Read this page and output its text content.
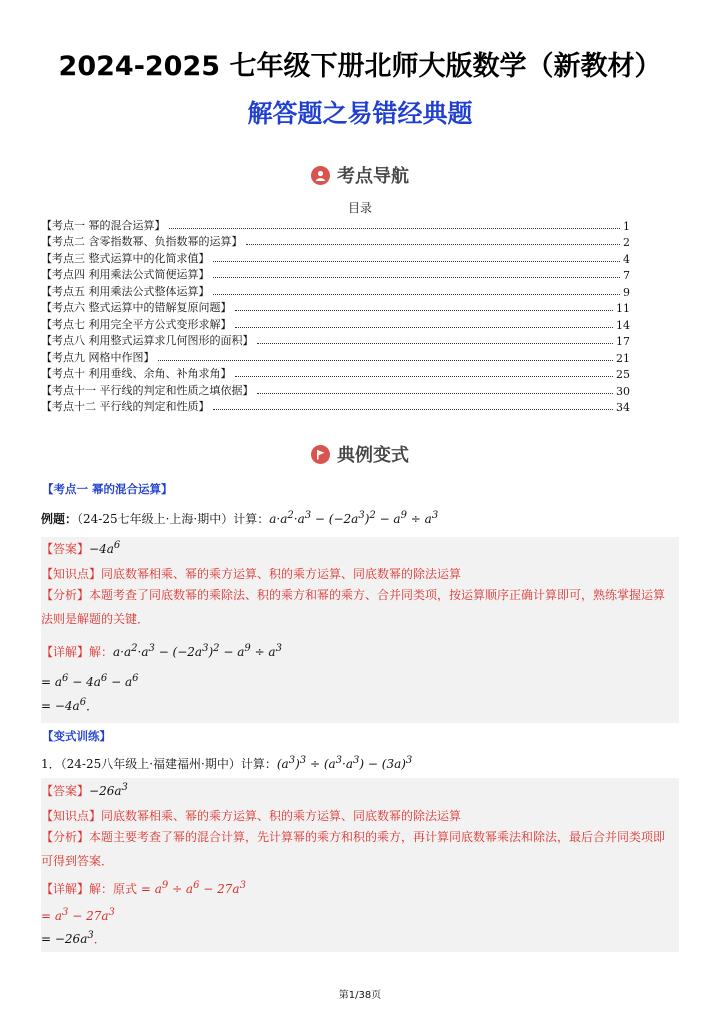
2024-2025 七年级下册北师大版数学（新教材）
解答题之易错经典题
考点导航
目录
【考点一 幂的混合运算】	1
【考点二 含零指数幂、负指数幂的运算】	2
【考点三 整式运算中的化简求值】	4
【考点四 利用乘法公式简便运算】	7
【考点五 利用乘法公式整体运算】	9
【考点六 整式运算中的错解复原问题】	11
【考点七 利用完全平方公式变形求解】	14
【考点八 利用整式运算求几何图形的面积】	17
【考点九 网格中作图】	21
【考点十 利用垂线、余角、补角求角】	25
【考点十一 平行线的判定和性质之填依据】	30
【考点十二 平行线的判定和性质】	34
典例变式
【考点一 幂的混合运算】
例题：（24-25七年级上·上海·期中）计算：$a\cdot a^2\cdot a^3 - (-2a^3)^2 - a^9 \div a^3$
【答案】$-4a^6$
【知识点】同底数幂相乘、幂的乘方运算、积的乘方运算、同底数幂的除法运算
【分析】本题考查了同底数幂的乘除法、积的乘方和幂的乘方、合并同类项，按运算顺序正确计算即可，熟练掌握运算法则是解题的关键．
【详解】解：$a\cdot a^2\cdot a^3 - (-2a^3)^2 - a^9 \div a^3$
= $a^6 - 4a^6 - a^6$
= $-4a^6$．
【变式训练】
1．（24-25八年级上·福建福州·期中）计算：$(a^3)^3 \div (a^3\cdot a^3) - (3a)^3$
【答案】$-26a^3$
【知识点】同底数幂相乘、幂的乘方运算、积的乘方运算、同底数幂的除法运算
【分析】本题主要考查了幂的混合计算，先计算幂的乘方和积的乘方，再计算同底数幂乘法和除法，最后合并同类项即可得到答案．
【详解】解：原式 = $a^9 \div a^6 - 27a^3$
= $a^3 - 27a^3$
= $-26a^3$．
第1/38页
